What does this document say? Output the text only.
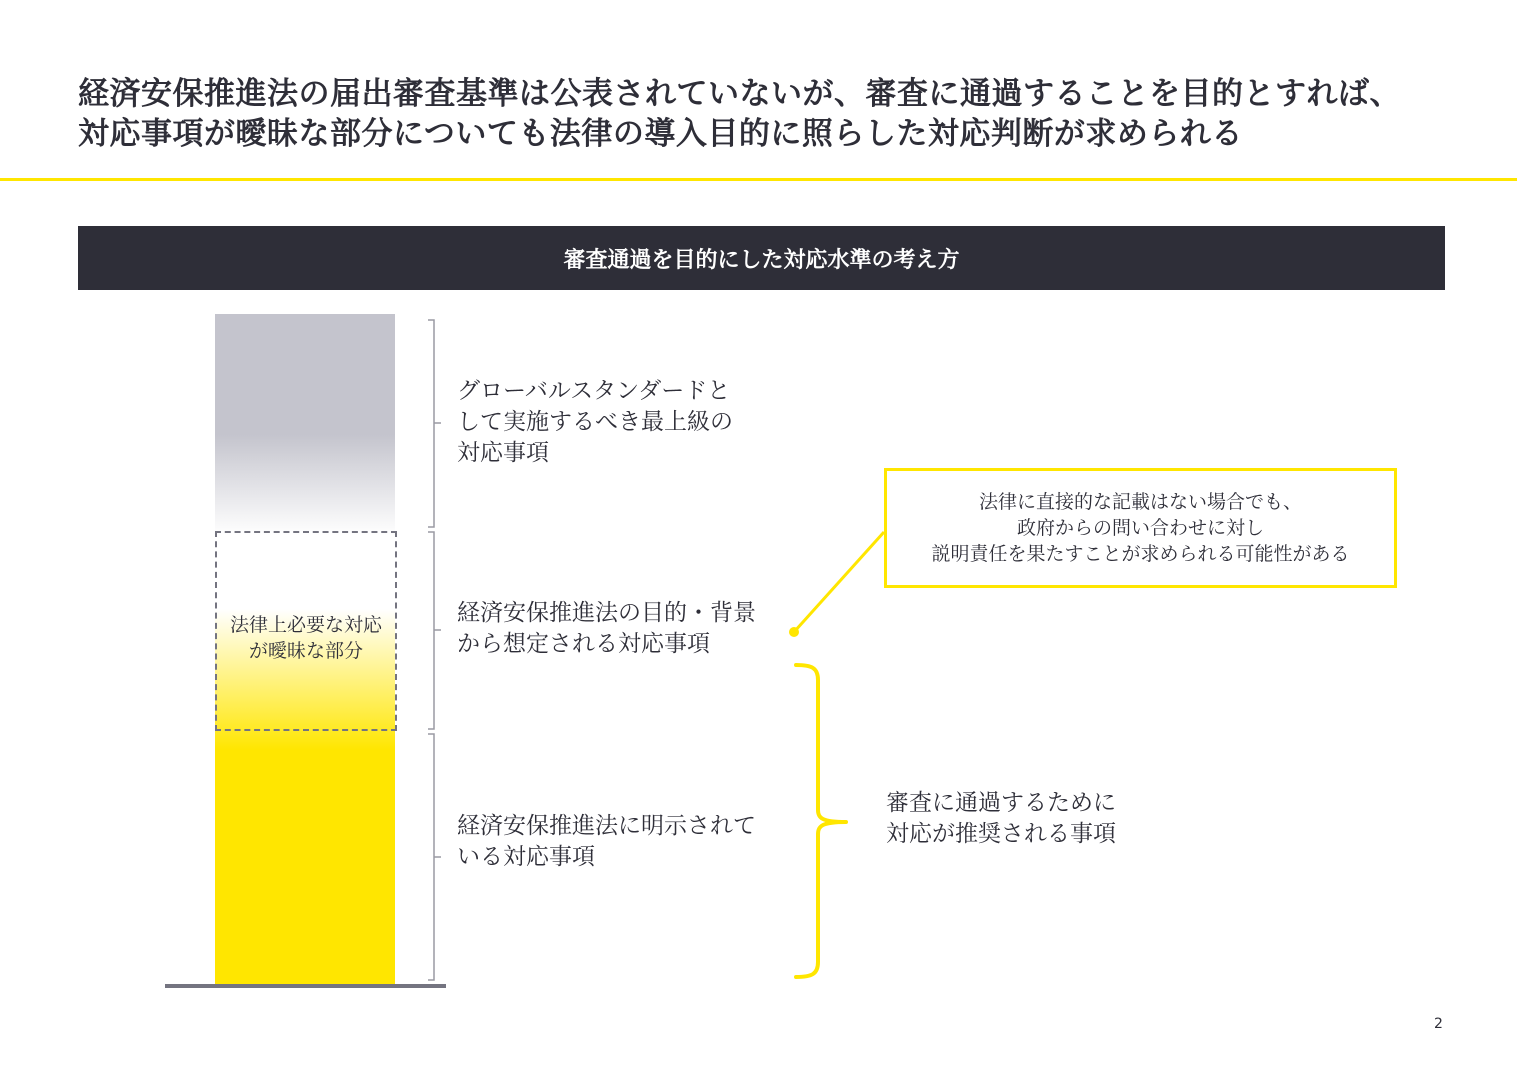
経済安保推進法の届出審査基準は公表されていないが、審査に通過することを目的とすれば、
対応事項が曖昧な部分についても法律の導入目的に照らした対応判断が求められる
審査通過を目的にした対応水準の考え方
法律上必要な対応
が曖昧な部分
グローバルスタンダードと
して実施するべき最上級の
対応事項
経済安保推進法の目的・背景
から想定される対応事項
経済安保推進法に明示されて
いる対応事項
法律に直接的な記載はない場合でも、
政府からの問い合わせに対し
説明責任を果たすことが求められる可能性がある
審査に通過するために
対応が推奨される事項
2
